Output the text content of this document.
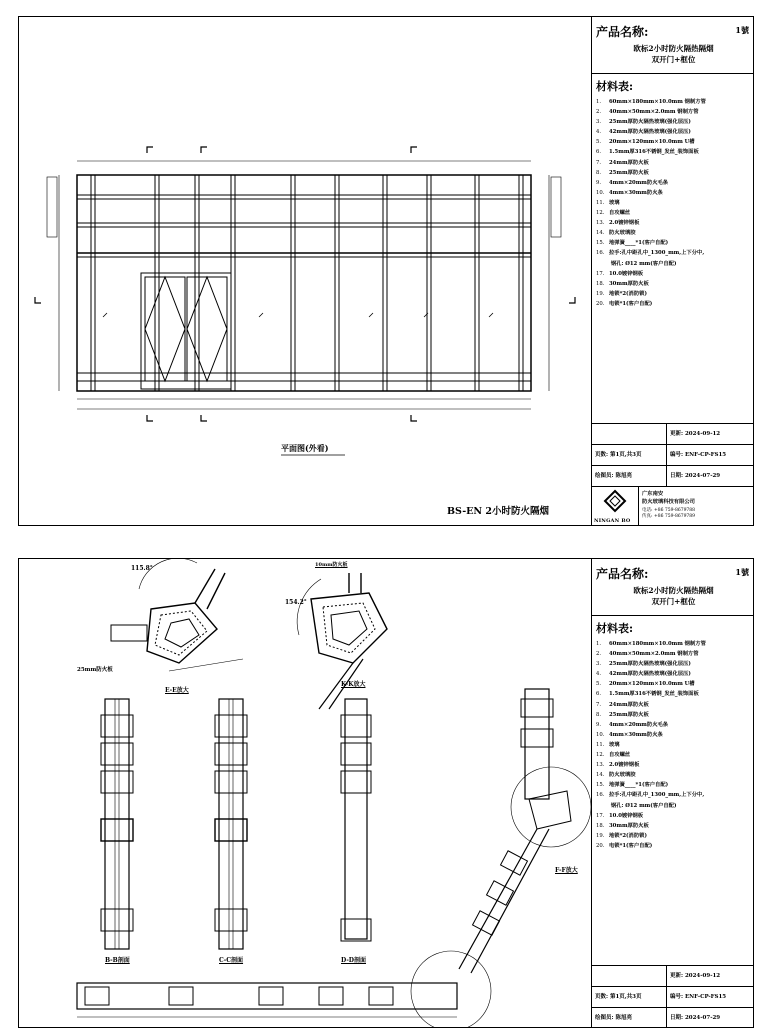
平面图(外看)
BS-EN 2小时防火隔烟
产品名称:	1號
欧标2小时防火隔热隔烟
双开门+框位
材料表:
1. 60mm×180mm×10.0mm 钢制方管
2. 40mm×50mm×2.0mm 钢制方管
3. 25mm厚防火隔热玻璃(强化层压)
4. 42mm厚防火隔热玻璃(强化层压)
5. 20mm×120mm×10.0mm U槽
6. 1.5mm厚316不锈钢_发丝_装饰面板
7. 24mm厚防火板
8. 25mm厚防火板
9. 4mm×20mm防火毛条
10. 4mm×30mm防火条
11. 玻璃
12. 自攻螺丝
13. 2.0镀锌钢板
14. 防火玻璃胶
15. 地弹簧____*1(客户自配)
16. 拉手:孔中距孔中_1300_mm,上下分中,
钢孔: Ø12 mm(客户自配)
17. 10.0镀锌钢板
18. 30mm厚防火板
19. 地锁*2(消防锁)
20. 电锁*1(客户自配)
更新: 2024-09-12
页数: 第1页,共3页	编号: ENF-CP-FS15
绘图员: 陈旭亮	日期: 2024-07-29
NINGAN BO
广东南安
防火玻璃科技有限公司
电话: +86 759-8679788
传真: +86 759-8679789
10mm防火板
115.8°
154.2°
25mm防火板
E-E放大
K-K放大
B-B剖面	C-C剖面	D-D剖面
F-F放大
产品名称:	1號
欧标2小时防火隔热隔烟
双开门+框位
材料表:
1. 60mm×180mm×10.0mm 钢制方管
2. 40mm×50mm×2.0mm 钢制方管
3. 25mm厚防火隔热玻璃(强化层压)
4. 42mm厚防火隔热玻璃(强化层压)
5. 20mm×120mm×10.0mm U槽
6. 1.5mm厚316不锈钢_发丝_装饰面板
7. 24mm厚防火板
8. 25mm厚防火板
9. 4mm×20mm防火毛条
10. 4mm×30mm防火条
11. 玻璃
12. 自攻螺丝
13. 2.0镀锌钢板
14. 防火玻璃胶
15. 地弹簧____*1(客户自配)
16. 拉手:孔中距孔中_1300_mm,上下分中,
钢孔: Ø12 mm(客户自配)
17. 10.0镀锌钢板
18. 30mm厚防火板
19. 地锁*2(消防锁)
20. 电锁*1(客户自配)
更新: 2024-09-12
页数: 第1页,共3页	编号: ENF-CP-FS15
绘图员: 陈旭亮	日期: 2024-07-29
